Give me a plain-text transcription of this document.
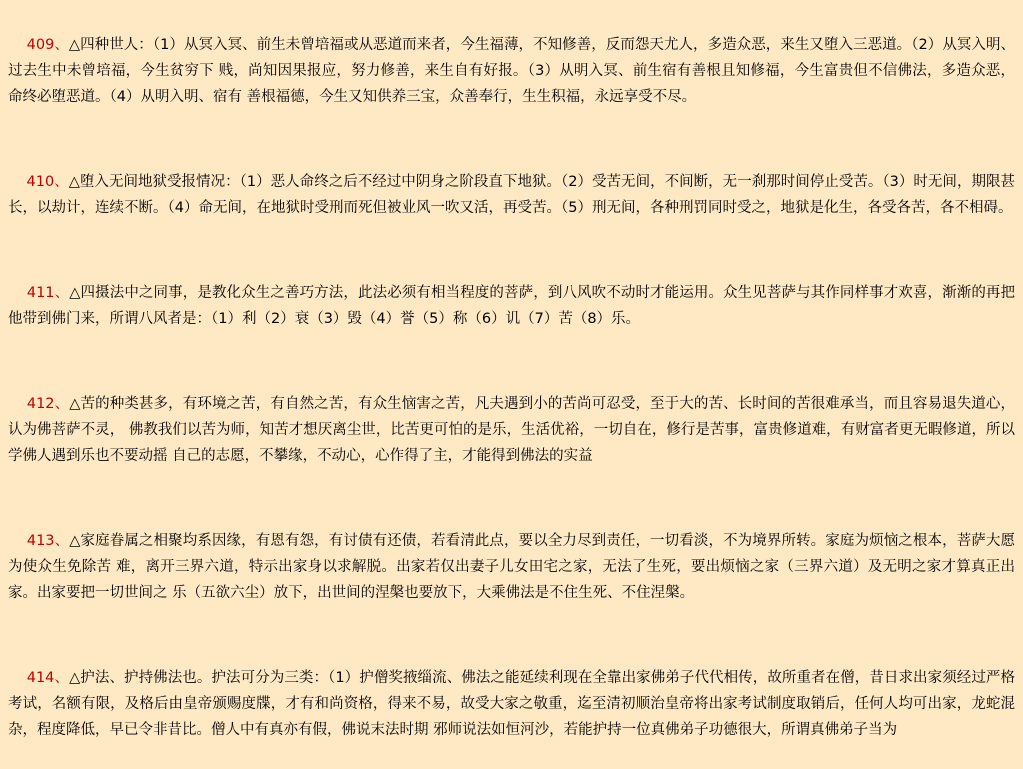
409、△四种世人：（1）从冥入冥、前生未曾培福或从恶道而来者，今生福薄，不知修善，反而怨天尤人，多造众恶，来生又堕入三恶道。（2）从冥入明、过去生中未曾培福，今生贫穷下 贱，尚知因果报应，努力修善，来生自有好报。（3）从明入冥、前生宿有善根且知修福，今生富贵但不信佛法，多造众恶，命终必堕恶道。（4）从明入明、宿有 善根福德，今生又知供养三宝，众善奉行，生生积福，永远享受不尽。

410、△堕入无间地狱受报情况：（1）恶人命终之后不经过中阴身之阶段直下地狱。（2）受苦无间，不间断，无一刹那时间停止受苦。（3）时无间，期限甚长，以劫计，连续不断。（4）命无间，在地狱时受刑而死但被业风一吹又活，再受苦。（5）刑无间，各种刑罚同时受之，地狱是化生，各受各苦，各不相碍。

411、△四摄法中之同事，是教化众生之善巧方法，此法必须有相当程度的菩萨，到八风吹不动时才能运用。众生见菩萨与其作同样事才欢喜，渐渐的再把他带到佛门来，所谓八风者是：（1）利（2）衰（3）毁（4）誉（5）称（6）讥（7）苦（8）乐。

412、△苦的种类甚多，有环境之苦，有自然之苦，有众生恼害之苦，凡夫遇到小的苦尚可忍受，至于大的苦、长时间的苦很难承当，而且容易退失道心，认为佛菩萨不灵， 佛教我们以苦为师，知苦才想厌离尘世，比苦更可怕的是乐，生活优裕，一切自在，修行是苦事，富贵修道难，有财富者更无暇修道，所以学佛人遇到乐也不要动摇 自己的志愿，不攀缘，不动心，心作得了主，才能得到佛法的实益

413、△家庭眷属之相聚均系因缘，有恩有怨，有讨债有还债，若看清此点，要以全力尽到责任，一切看淡，不为境界所转。家庭为烦恼之根本，菩萨大愿为使众生免除苦 难，离开三界六道，特示出家身以求解脱。出家若仅出妻子儿女田宅之家，无法了生死，要出烦恼之家（三界六道）及无明之家才算真正出家。出家要把一切世间之 乐（五欲六尘）放下，出世间的涅槃也要放下，大乘佛法是不住生死、不住涅槃。

414、△护法、护持佛法也。护法可分为三类：（1）护僧奖掖缁流、佛法之能延续利现在全靠出家佛弟子代代相传，故所重者在僧，昔日求出家须经过严格考试，名额有限，及格后由皇帝颁赐度牒，才有和尚资格，得来不易，故受大家之敬重，迄至清初顺治皇帝将出家考试制度取销后，任何人均可出家，龙蛇混杂，程度降低，早已令非昔比。僧人中有真亦有假，佛说末法时期 邪师说法如恒河沙，若能护持一位真佛弟子功德很大，所谓真佛弟子当为
